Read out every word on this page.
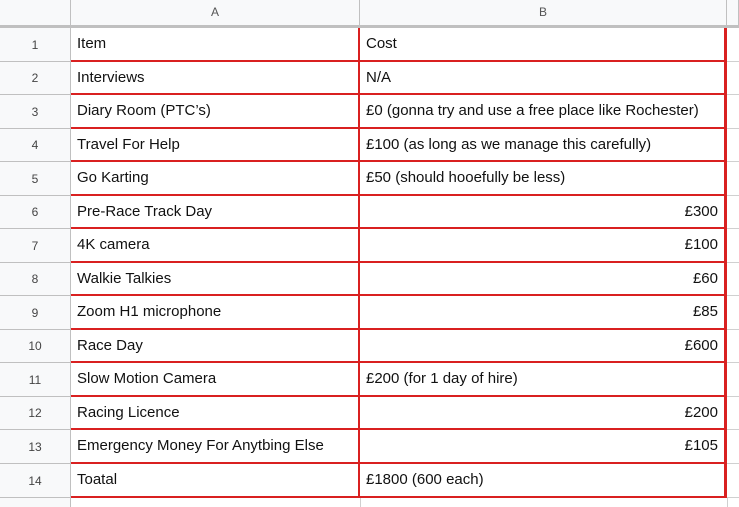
A	B
1	Item	Cost
2	Interviews	N/A
3	Diary Room (PTC’s)	£0 (gonna try and use a free place like Rochester)
4	Travel For Help	£100 (as long as we manage this carefully)
5	Go Karting	£50 (should hooefully be less)
6	Pre-Race Track Day	£300
7	4K camera	£100
8	Walkie Talkies	£60
9	Zoom H1 microphone	£85
10	Race Day	£600
11	Slow Motion Camera	£200 (for 1 day of hire)
12	Racing Licence	£200
13	Emergency Money For Anytbing Else	£105
14	Toatal	£1800 (600 each)
